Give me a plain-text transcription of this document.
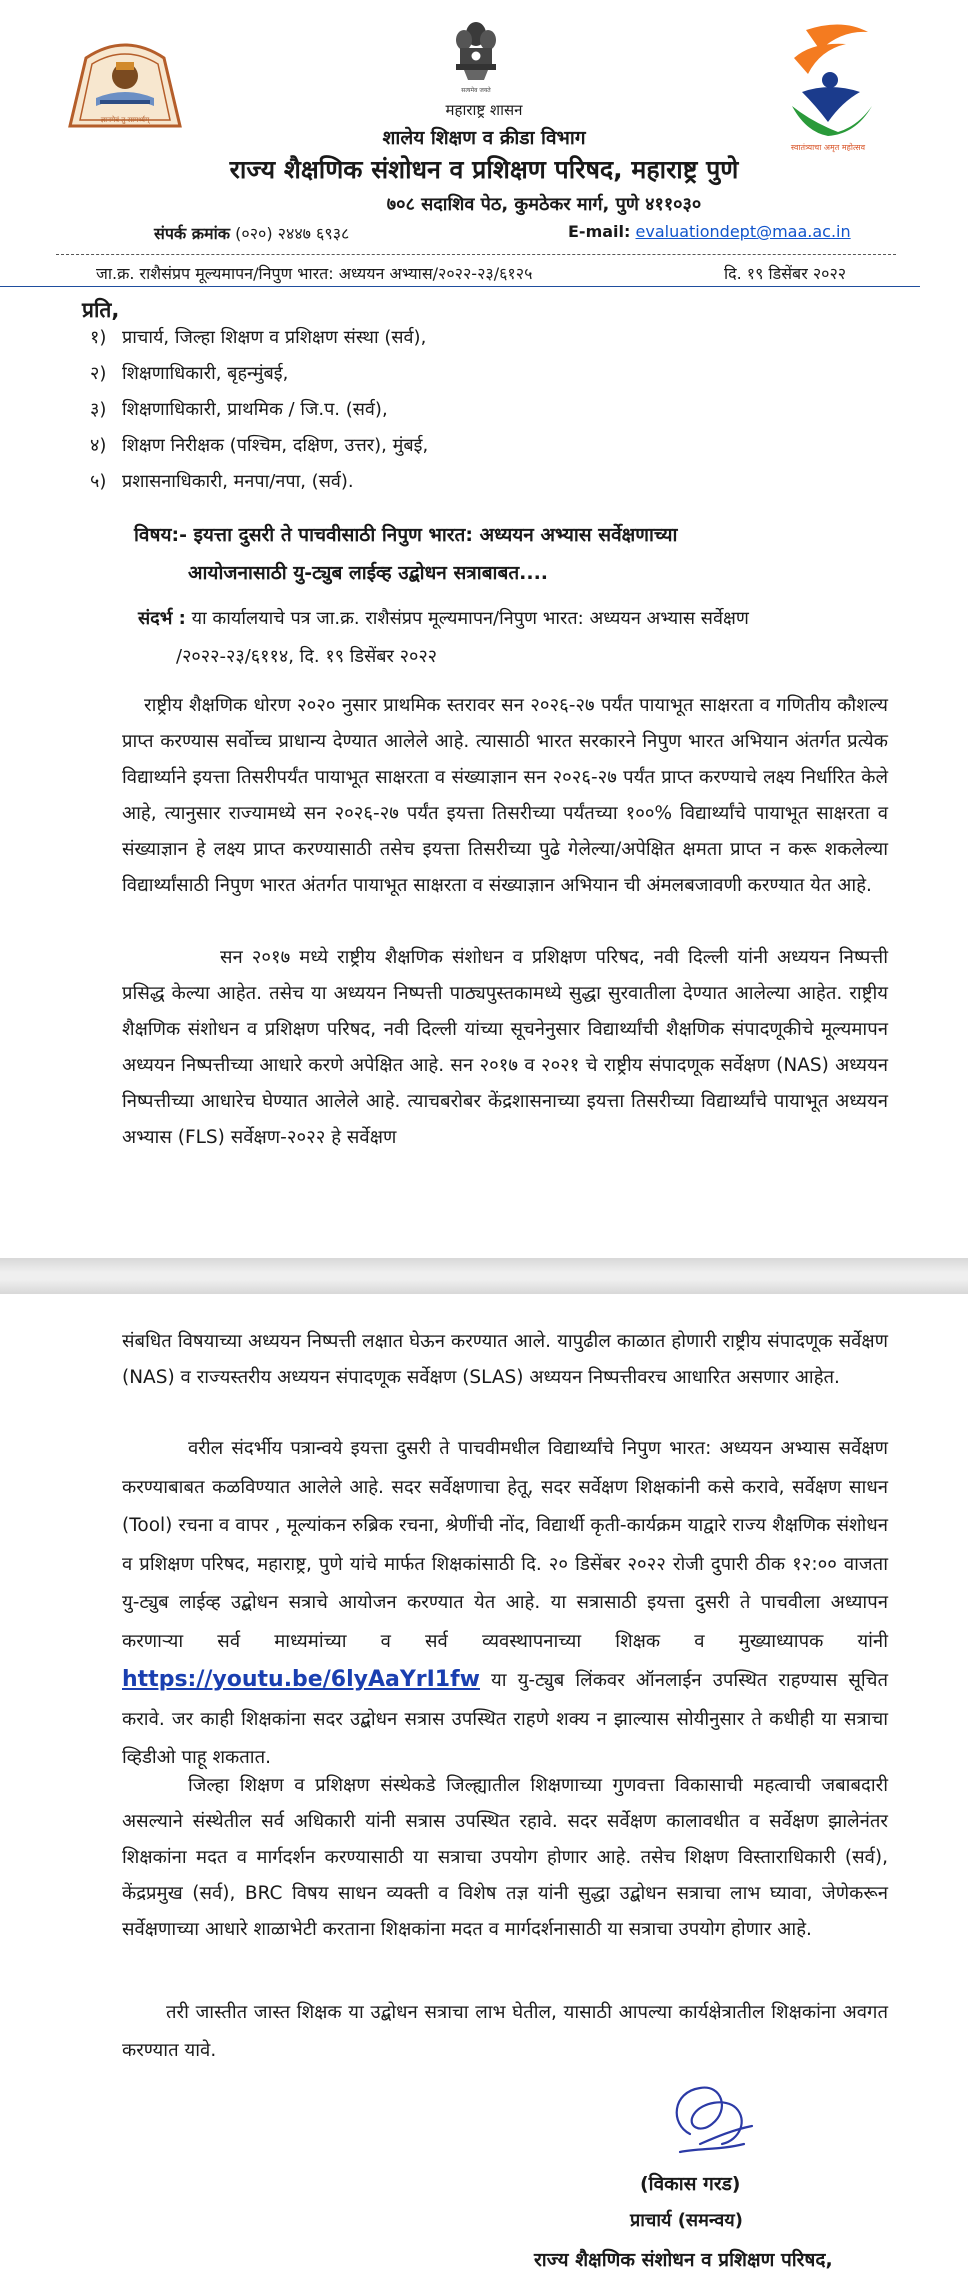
ज्ञानमेवं तु सामर्थ्यम्
सत्यमेव जयते
स्वातंत्र्याचा अमृत महोत्सव
महाराष्ट्र शासन
शालेय शिक्षण व क्रीडा विभाग
राज्य शैक्षणिक संशोधन व प्रशिक्षण परिषद, महाराष्ट्र पुणे
७०८ सदाशिव पेठ, कुमठेकर मार्ग, पुणे ४११०३०
संपर्क क्रमांक (०२०) २४४७ ६९३८	E-mail: evaluationdept@maa.ac.in
जा.क्र. राशैसंप्रप मूल्यमापन/निपुण भारत: अध्ययन अभ्यास/२०२२-२३/६१२५	दि. १९ डिसेंबर २०२२
प्रति,
१) प्राचार्य, जिल्हा शिक्षण व प्रशिक्षण संस्था (सर्व),
२) शिक्षणाधिकारी, बृहन्मुंबई,
३) शिक्षणाधिकारी, प्राथमिक / जि.प. (सर्व),
४) शिक्षण निरीक्षक (पश्चिम, दक्षिण, उत्तर), मुंबई,
५) प्रशासनाधिकारी, मनपा/नपा, (सर्व).
विषय:- इयत्ता दुसरी ते पाचवीसाठी निपुण भारत: अध्ययन अभ्यास सर्वेक्षणाच्या
आयोजनासाठी यु-ट्युब लाईव्ह उद्बोधन सत्राबाबत....
संदर्भ : या कार्यालयाचे पत्र जा.क्र. राशैसंप्रप मूल्यमापन/निपुण भारत: अध्ययन अभ्यास सर्वेक्षण
/२०२२-२३/६११४, दि. १९ डिसेंबर २०२२

राष्ट्रीय शैक्षणिक धोरण २०२० नुसार प्राथमिक स्तरावर सन २०२६-२७ पर्यंत पायाभूत साक्षरता व गणितीय कौशल्य प्राप्त करण्यास सर्वोच्च प्राधान्य देण्यात आलेले आहे. त्यासाठी भारत सरकारने निपुण भारत अभियान अंतर्गत प्रत्येक विद्यार्थ्याने इयत्ता तिसरीपर्यंत पायाभूत साक्षरता व संख्याज्ञान सन २०२६-२७ पर्यंत प्राप्त करण्याचे लक्ष्य निर्धारित केले आहे, त्यानुसार राज्यामध्ये सन २०२६-२७ पर्यंत इयत्ता तिसरीच्या पर्यंतच्या १००% विद्यार्थ्यांचे पायाभूत साक्षरता व संख्याज्ञान हे लक्ष्य प्राप्त करण्यासाठी तसेच इयत्ता तिसरीच्या पुढे गेलेल्या/अपेक्षित क्षमता प्राप्त न करू शकलेल्या विद्यार्थ्यांसाठी निपुण भारत अंतर्गत पायाभूत साक्षरता व संख्याज्ञान अभियान ची अंमलबजावणी करण्यात येत आहे.

सन २०१७ मध्ये राष्ट्रीय शैक्षणिक संशोधन व प्रशिक्षण परिषद, नवी दिल्ली यांनी अध्ययन निष्पत्ती प्रसिद्ध केल्या आहेत. तसेच या अध्ययन निष्पत्ती पाठ्यपुस्तकामध्ये सुद्धा सुरवातीला देण्यात आलेल्या आहेत. राष्ट्रीय शैक्षणिक संशोधन व प्रशिक्षण परिषद, नवी दिल्ली यांच्या सूचनेनुसार विद्यार्थ्यांची शैक्षणिक संपादणूकीचे मूल्यमापन अध्ययन निष्पत्तीच्या आधारे करणे अपेक्षित आहे. सन २०१७ व २०२१ चे राष्ट्रीय संपादणूक सर्वेक्षण (NAS) अध्ययन निष्पत्तीच्या आधारेच घेण्यात आलेले आहे. त्याचबरोबर केंद्रशासनाच्या इयत्ता तिसरीच्या विद्यार्थ्यांचे पायाभूत अध्ययन अभ्यास (FLS) सर्वेक्षण-२०२२ हे सर्वेक्षण

संबधित विषयाच्या अध्ययन निष्पत्ती लक्षात घेऊन करण्यात आले. यापुढील काळात होणारी राष्ट्रीय संपादणूक सर्वेक्षण (NAS) व राज्यस्तरीय अध्ययन संपादणूक सर्वेक्षण (SLAS) अध्ययन निष्पत्तीवरच आधारित असणार आहेत.

वरील संदर्भीय पत्रान्वये इयत्ता दुसरी ते पाचवीमधील विद्यार्थ्यांचे निपुण भारत: अध्ययन अभ्यास सर्वेक्षण करण्याबाबत कळविण्यात आलेले आहे. सदर सर्वेक्षणाचा हेतू, सदर सर्वेक्षण शिक्षकांनी कसे करावे, सर्वेक्षण साधन (Tool) रचना व वापर , मूल्यांकन रुब्रिक रचना, श्रेणींची नोंद, विद्यार्थी कृती-कार्यक्रम याद्वारे राज्य शैक्षणिक संशोधन व प्रशिक्षण परिषद, महाराष्ट्र, पुणे यांचे मार्फत शिक्षकांसाठी दि. २० डिसेंबर २०२२ रोजी दुपारी ठीक १२:०० वाजता यु-ट्युब लाईव्ह उद्बोधन सत्राचे आयोजन करण्यात येत आहे. या सत्रासाठी इयत्ता दुसरी ते पाचवीला अध्यापन करणाऱ्या सर्व माध्यमांच्या व सर्व व्यवस्थापनाच्या शिक्षक व मुख्याध्यापक यांनी https://youtu.be/6lyAaYrI1fw या यु-ट्युब लिंकवर ऑनलाईन उपस्थित राहण्यास सूचित करावे. जर काही शिक्षकांना सदर उद्बोधन सत्रास उपस्थित राहणे शक्य न झाल्यास सोयीनुसार ते कधीही या सत्राचा व्हिडीओ पाहू शकतात.

जिल्हा शिक्षण व प्रशिक्षण संस्थेकडे जिल्ह्यातील शिक्षणाच्या गुणवत्ता विकासाची महत्वाची जबाबदारी असल्याने संस्थेतील सर्व अधिकारी यांनी सत्रास उपस्थित रहावे. सदर सर्वेक्षण कालावधीत व सर्वेक्षण झालेनंतर शिक्षकांना मदत व मार्गदर्शन करण्यासाठी या सत्राचा उपयोग होणार आहे. तसेच शिक्षण विस्ताराधिकारी (सर्व), केंद्रप्रमुख (सर्व), BRC विषय साधन व्यक्ती व विशेष तज्ञ यांनी सुद्धा उद्बोधन सत्राचा लाभ घ्यावा, जेणेकरून सर्वेक्षणाच्या आधारे शाळाभेटी करताना शिक्षकांना मदत व मार्गदर्शनासाठी या सत्राचा उपयोग होणार आहे.

तरी जास्तीत जास्त शिक्षक या उद्बोधन सत्राचा लाभ घेतील, यासाठी आपल्या कार्यक्षेत्रातील शिक्षकांना अवगत करण्यात यावे.

(विकास गरड)
प्राचार्य (समन्वय)
राज्य शैक्षणिक संशोधन व प्रशिक्षण परिषद,
